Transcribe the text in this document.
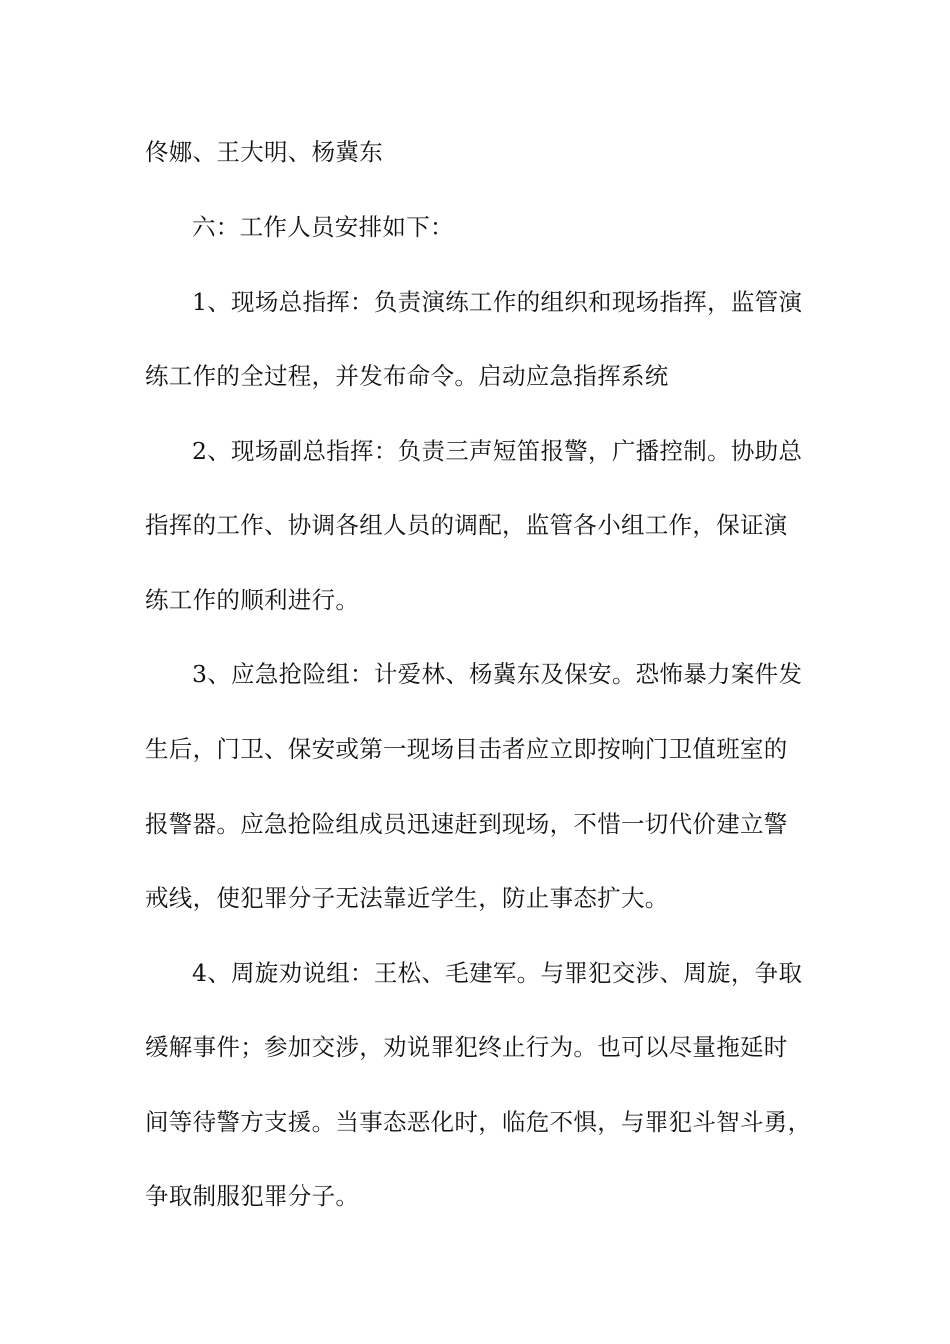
佟娜、王大明、杨冀东
六：工作人员安排如下：
1、现场总指挥：负责演练工作的组织和现场指挥，监管演
练工作的全过程，并发布命令。启动应急指挥系统
2、现场副总指挥：负责三声短笛报警，广播控制。协助总
指挥的工作、协调各组人员的调配，监管各小组工作，保证演
练工作的顺利进行。
3、应急抢险组：计爱林、杨冀东及保安。恐怖暴力案件发
生后，门卫、保安或第一现场目击者应立即按响门卫值班室的
报警器。应急抢险组成员迅速赶到现场，不惜一切代价建立警
戒线，使犯罪分子无法靠近学生，防止事态扩大。
4、周旋劝说组：王松、毛建军。与罪犯交涉、周旋，争取
缓解事件；参加交涉，劝说罪犯终止行为。也可以尽量拖延时
间等待警方支援。当事态恶化时，临危不惧，与罪犯斗智斗勇，
争取制服犯罪分子。
